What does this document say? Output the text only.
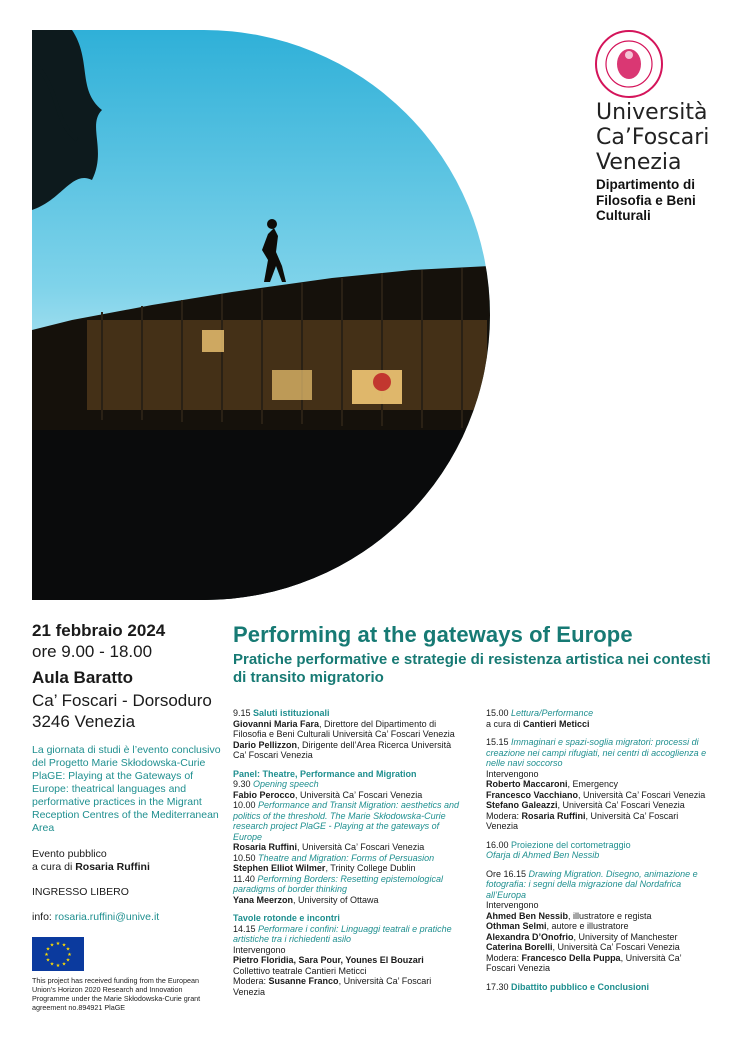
Università
Ca’Foscari
Venezia
Dipartimento di
Filosofia e Beni
Culturali
21 febbraio 2024
ore 9.00 - 18.00
Aula Baratto
Ca’ Foscari - Dorsoduro
3246 Venezia
La giornata di studi è l’evento conclusivo del Progetto Marie Skłodowska-Curie PlaGE: Playing at the Gateways of Europe: theatrical languages and performative practices in the Migrant Reception Centres of the Mediterranean Area
Evento pubblico
a cura di Rosaria Ruffini
INGRESSO LIBERO
info: rosaria.ruffini@unive.it
★ ★
★
★
★
★
★
★
★
★
★
★
This project has received funding from the European Union’s Horizon 2020 Research and Innovation Programme under the Marie Skłodowska-Curie grant agreement no.894921 PlaGE
Performing at the gateways of Europe
Pratiche performative e strategie di resistenza artistica nei contesti di transito migratorio

9.15 Saluti istituzionali

Giovanni Maria Fara, Direttore del Dipartimento di Filosofia e Beni Culturali Università Ca’ Foscari Venezia

Dario Pellizzon, Dirigente dell’Area Ricerca Università Ca’ Foscari Venezia

Panel: Theatre, Performance and Migration

9.30 Opening speech

Fabio Perocco, Università Ca’ Foscari Venezia

10.00 Performance and Transit Migration: aesthetics and politics of the threshold. The Marie Skłodowska-Curie research project PlaGE - Playing at the gateways of Europe

Rosaria Ruffini, Università Ca’ Foscari Venezia

10.50 Theatre and Migration: Forms of Persuasion

Stephen Elliot Wilmer, Trinity College Dublin

11.40 Performing Borders: Resetting epistemological paradigms of border thinking

Yana Meerzon, University of Ottawa

Tavole rotonde e incontri

14.15 Performare i confini: Linguaggi teatrali e pratiche artistiche tra i richiedenti asilo

Intervengono

Pietro Floridia, Sara Pour, Younes El Bouzari

Collettivo teatrale Cantieri Meticci

Modera: Susanne Franco, Università Ca’ Foscari Venezia

15.00 Lettura/Performance

a cura di Cantieri Meticci

15.15 Immaginari e spazi-soglia migratori: processi di creazione nei campi rifugiati, nei centri di accoglienza e nelle navi soccorso

Intervengono

Roberto Maccaroni, Emergency

Francesco Vacchiano, Università Ca’ Foscari Venezia

Stefano Galeazzi, Università Ca’ Foscari Venezia

Modera: Rosaria Ruffini, Università Ca’ Foscari Venezia

16.00 Proiezione del cortometraggio

Ofarja di Ahmed Ben Nessib

Ore 16.15 Drawing Migration. Disegno, animazione e fotografia: i segni della migrazione dal Nordafrica all’Europa

Intervengono

Ahmed Ben Nessib, illustratore e regista

Othman Selmi, autore e illustratore

Alexandra D’Onofrio, University of Manchester

Caterina Borelli, Università Ca’ Foscari Venezia

Modera: Francesco Della Puppa, Università Ca’ Foscari Venezia

17.30 Dibattito pubblico e Conclusioni
